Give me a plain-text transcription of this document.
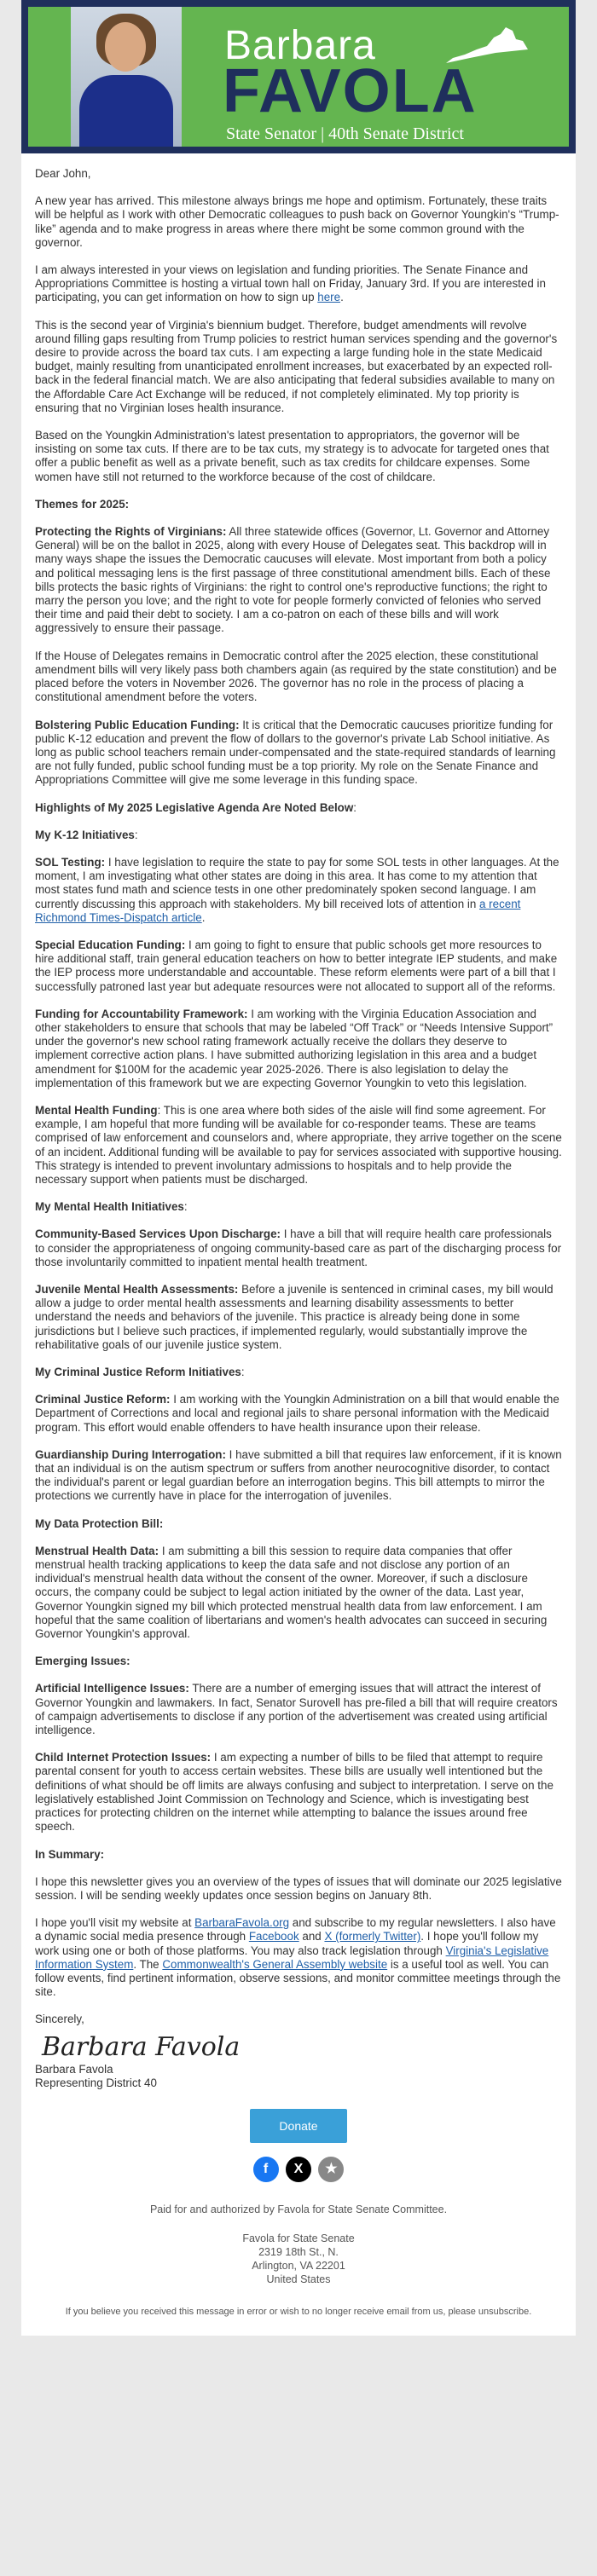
Barbara
FAVOLA
State Senator | 40th Senate District

Dear John,

A new year has arrived. This milestone always brings me hope and optimism. Fortunately, these traits will be helpful as I work with other Democratic colleagues to push back on Governor Youngkin's “Trump-like” agenda and to make progress in areas where there might be some common ground with the governor.

I am always interested in your views on legislation and funding priorities. The Senate Finance and Appropriations Committee is hosting a virtual town hall on Friday, January 3rd. If you are interested in participating, you can get information on how to sign up here.

This is the second year of Virginia's biennium budget. Therefore, budget amendments will revolve around filling gaps resulting from Trump policies to restrict human services spending and the governor's desire to provide across the board tax cuts. I am expecting a large funding hole in the state Medicaid budget, mainly resulting from unanticipated enrollment increases, but exacerbated by an expected roll-back in the federal financial match. We are also anticipating that federal subsidies available to many on the Affordable Care Act Exchange will be reduced, if not completely eliminated. My top priority is ensuring that no Virginian loses health insurance.

Based on the Youngkin Administration's latest presentation to appropriators, the governor will be insisting on some tax cuts. If there are to be tax cuts, my strategy is to advocate for targeted ones that offer a public benefit as well as a private benefit, such as tax credits for childcare expenses. Some women have still not returned to the workforce because of the cost of childcare.

Themes for 2025:

Protecting the Rights of Virginians: All three statewide offices (Governor, Lt. Governor and Attorney General) will be on the ballot in 2025, along with every House of Delegates seat. This backdrop will in many ways shape the issues the Democratic caucuses will elevate. Most important from both a policy and political messaging lens is the first passage of three constitutional amendment bills. Each of these bills protects the basic rights of Virginians: the right to control one's reproductive functions; the right to marry the person you love; and the right to vote for people formerly convicted of felonies who served their time and paid their debt to society. I am a co-patron on each of these bills and will work aggressively to ensure their passage.

If the House of Delegates remains in Democratic control after the 2025 election, these constitutional amendment bills will very likely pass both chambers again (as required by the state constitution) and be placed before the voters in November 2026. The governor has no role in the process of placing a constitutional amendment before the voters.

Bolstering Public Education Funding: It is critical that the Democratic caucuses prioritize funding for public K-12 education and prevent the flow of dollars to the governor's private Lab School initiative. As long as public school teachers remain under-compensated and the state-required standards of learning are not fully funded, public school funding must be a top priority. My role on the Senate Finance and Appropriations Committee will give me some leverage in this funding space.

Highlights of My 2025 Legislative Agenda Are Noted Below:

My K-12 Initiatives:

SOL Testing: I have legislation to require the state to pay for some SOL tests in other languages. At the moment, I am investigating what other states are doing in this area. It has come to my attention that most states fund math and science tests in one other predominately spoken second language. I am currently discussing this approach with stakeholders. My bill received lots of attention in a recent Richmond Times-Dispatch article.

Special Education Funding: I am going to fight to ensure that public schools get more resources to hire additional staff, train general education teachers on how to better integrate IEP students, and make the IEP process more understandable and accountable. These reform elements were part of a bill that I successfully patroned last year but adequate resources were not allocated to support all of the reforms.

Funding for Accountability Framework: I am working with the Virginia Education Association and other stakeholders to ensure that schools that may be labeled “Off Track” or “Needs Intensive Support” under the governor's new school rating framework actually receive the dollars they deserve to implement corrective action plans. I have submitted authorizing legislation in this area and a budget amendment for $100M for the academic year 2025-2026. There is also legislation to delay the implementation of this framework but we are expecting Governor Youngkin to veto this legislation.

Mental Health Funding: This is one area where both sides of the aisle will find some agreement. For example, I am hopeful that more funding will be available for co-responder teams. These are teams comprised of law enforcement and counselors and, where appropriate, they arrive together on the scene of an incident. Additional funding will be available to pay for services associated with supportive housing. This strategy is intended to prevent involuntary admissions to hospitals and to help provide the necessary support when patients must be discharged.

My Mental Health Initiatives:

Community-Based Services Upon Discharge: I have a bill that will require health care professionals to consider the appropriateness of ongoing community-based care as part of the discharging process for those involuntarily committed to inpatient mental health treatment.

Juvenile Mental Health Assessments: Before a juvenile is sentenced in criminal cases, my bill would allow a judge to order mental health assessments and learning disability assessments to better understand the needs and behaviors of the juvenile. This practice is already being done in some jurisdictions but I believe such practices, if implemented regularly, would substantially improve the rehabilitative goals of our juvenile justice system.

My Criminal Justice Reform Initiatives:

Criminal Justice Reform: I am working with the Youngkin Administration on a bill that would enable the Department of Corrections and local and regional jails to share personal information with the Medicaid program. This effort would enable offenders to have health insurance upon their release.

Guardianship During Interrogation: I have submitted a bill that requires law enforcement, if it is known that an individual is on the autism spectrum or suffers from another neurocognitive disorder, to contact the individual's parent or legal guardian before an interrogation begins. This bill attempts to mirror the protections we currently have in place for the interrogation of juveniles.

My Data Protection Bill:

Menstrual Health Data: I am submitting a bill this session to require data companies that offer menstrual health tracking applications to keep the data safe and not disclose any portion of an individual's menstrual health data without the consent of the owner. Moreover, if such a disclosure occurs, the company could be subject to legal action initiated by the owner of the data. Last year, Governor Youngkin signed my bill which protected menstrual health data from law enforcement. I am hopeful that the same coalition of libertarians and women's health advocates can succeed in securing Governor Youngkin's approval.

Emerging Issues:

Artificial Intelligence Issues: There are a number of emerging issues that will attract the interest of Governor Youngkin and lawmakers. In fact, Senator Surovell has pre-filed a bill that will require creators of campaign advertisements to disclose if any portion of the advertisement was created using artificial intelligence.

Child Internet Protection Issues: I am expecting a number of bills to be filed that attempt to require parental consent for youth to access certain websites. These bills are usually well intentioned but the definitions of what should be off limits are always confusing and subject to interpretation. I serve on the legislatively established Joint Commission on Technology and Science, which is investigating best practices for protecting children on the internet while attempting to balance the issues around free speech.

In Summary:

I hope this newsletter gives you an overview of the types of issues that will dominate our 2025 legislative session. I will be sending weekly updates once session begins on January 8th.

I hope you'll visit my website at BarbaraFavola.org and subscribe to my regular newsletters. I also have a dynamic social media presence through Facebook and X (formerly Twitter). I hope you'll follow my work using one or both of those platforms. You may also track legislation through Virginia's Legislative Information System. The Commonwealth's General Assembly website is a useful tool as well. You can follow events, find pertinent information, observe sessions, and monitor committee meetings through the site.

Sincerely,

Barbara Favola
Barbara Favola
Representing District 40
Donate
f X ★
Paid for and authorized by Favola for State Senate Committee.
Favola for State Senate
2319 18th St., N.
Arlington, VA 22201
United States
If you believe you received this message in error or wish to no longer receive email from us, please unsubscribe.
